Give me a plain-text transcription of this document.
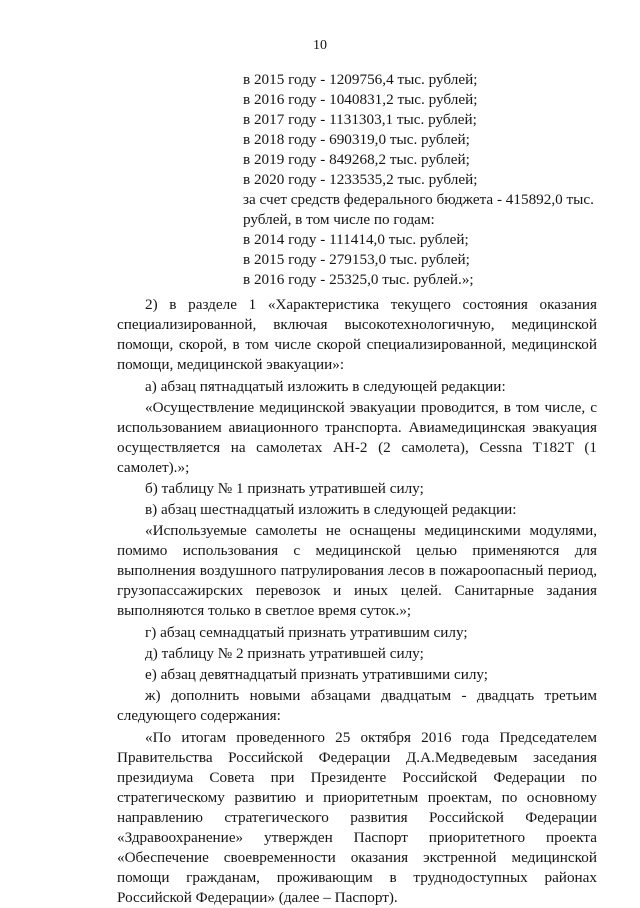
10
в 2015 году - 1209756,4 тыс. рублей;
в 2016 году - 1040831,2 тыс. рублей;
в 2017 году - 1131303,1 тыс. рублей;
в 2018 году - 690319,0 тыс. рублей;
в 2019 году - 849268,2 тыс. рублей;
в 2020 году - 1233535,2 тыс. рублей;
за счет средств федерального бюджета - 415892,0 тыс.
рублей, в том числе по годам:
в 2014 году - 111414,0 тыс. рублей;
в 2015 году - 279153,0 тыс. рублей;
в 2016 году - 25325,0 тыс. рублей.»;
2) в разделе 1 «Характеристика текущего состояния оказания
специализированной, включая высокотехнологичную, медицинской
помощи, скорой, в том числе скорой специализированной, медицинской
помощи, медицинской эвакуации»:
а) абзац пятнадцатый изложить в следующей редакции:
«Осуществление медицинской эвакуации проводится, в том числе, с
использованием авиационного транспорта. Авиамедицинская эвакуация
осуществляется на самолетах АН-2 (2 самолета), Cessna T182T (1
самолет).»;
б) таблицу № 1 признать утратившей силу;
в) абзац шестнадцатый изложить в следующей редакции:
«Используемые самолеты не оснащены медицинскими модулями,
помимо использования с медицинской целью применяются для
выполнения воздушного патрулирования лесов в пожароопасный период,
грузопассажирских перевозок и иных целей. Санитарные задания
выполняются только в светлое время суток.»;
г) абзац семнадцатый признать утратившим силу;
д) таблицу № 2 признать утратившей силу;
е) абзац девятнадцатый признать утратившими силу;
ж) дополнить новыми абзацами двадцатым - двадцать третьим
следующего содержания:
«По итогам проведенного 25 октября 2016 года Председателем
Правительства Российской Федерации Д.А.Медведевым заседания
президиума Совета при Президенте Российской Федерации по
стратегическому развитию и приоритетным проектам, по основному
направлению стратегического развития Российской Федерации
«Здравоохранение» утвержден Паспорт приоритетного проекта
«Обеспечение своевременности оказания экстренной медицинской
помощи гражданам, проживающим в труднодоступных районах
Российской Федерации» (далее – Паспорт).
